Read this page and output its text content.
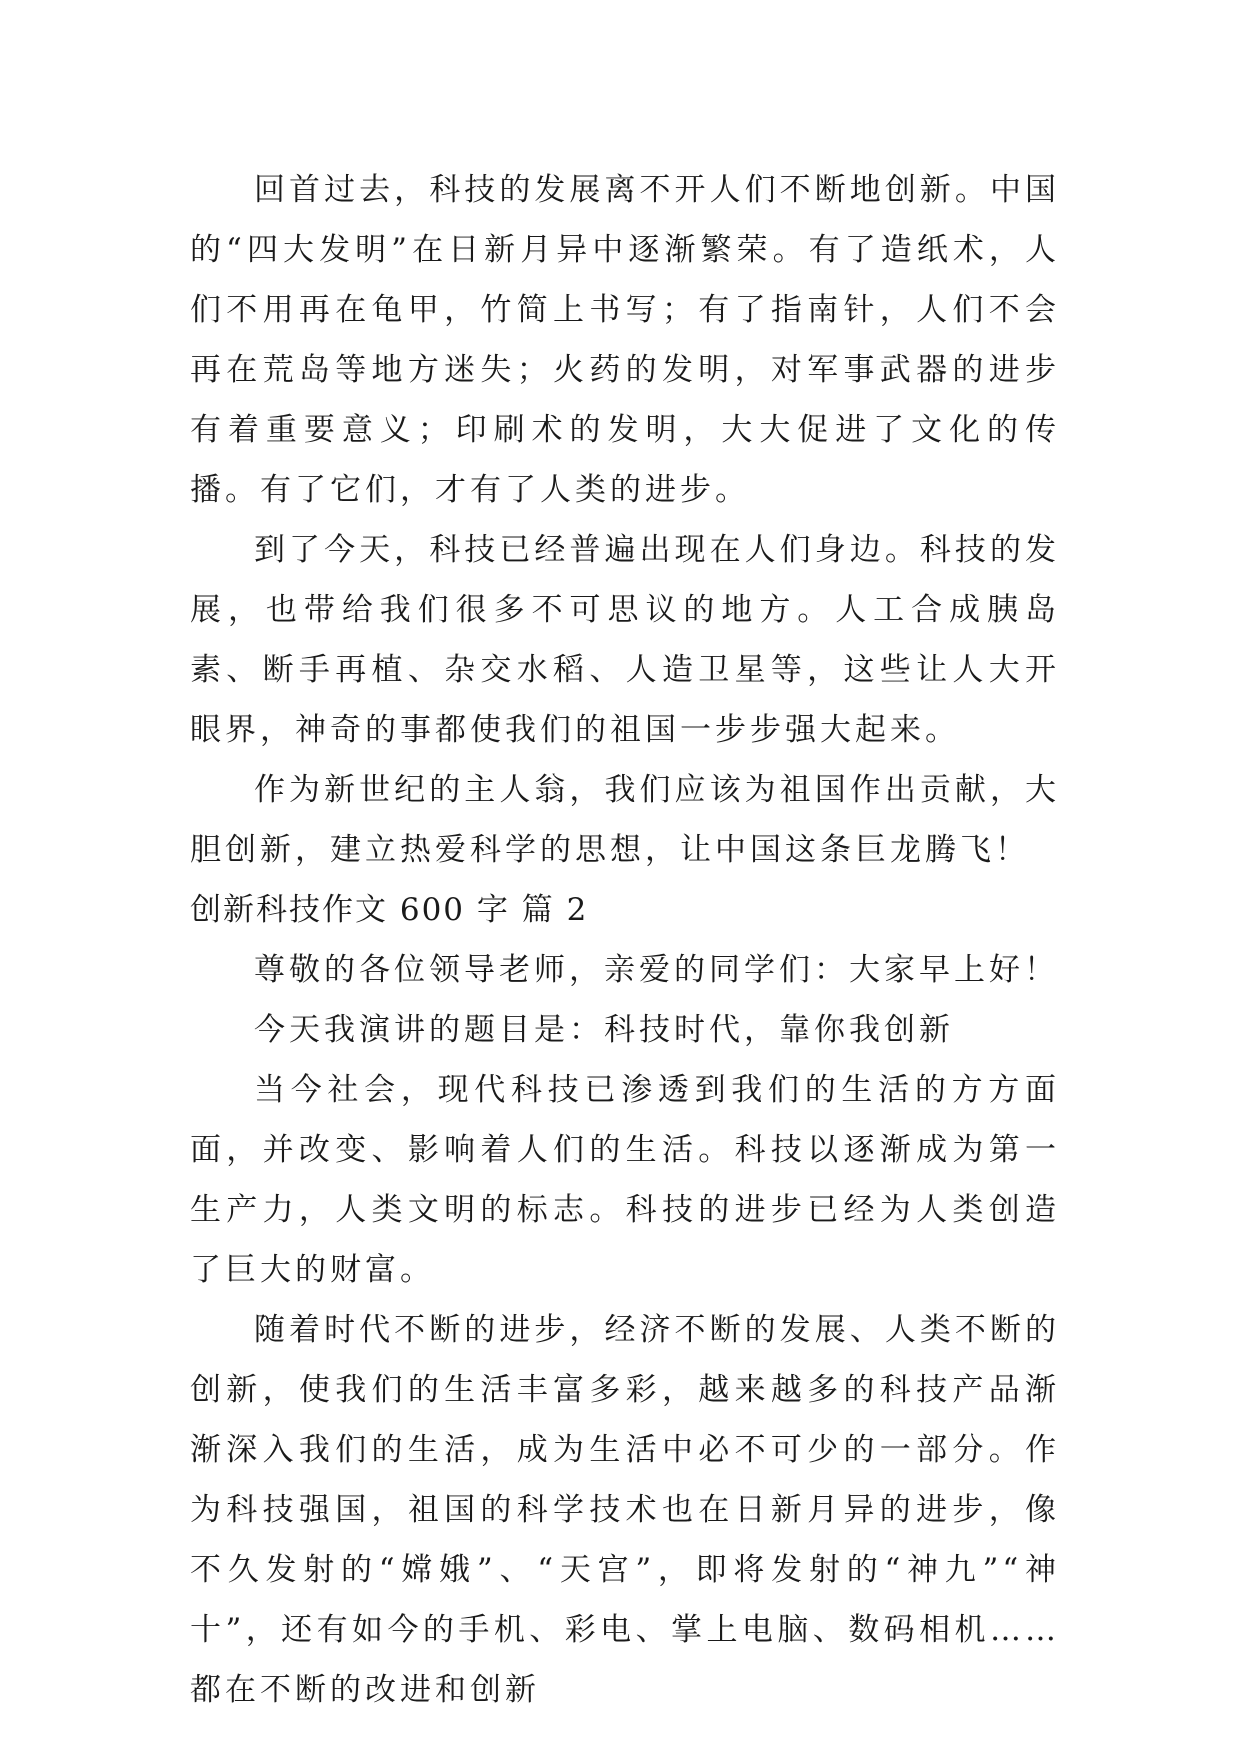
回首过去，科技的发展离不开人们不断地创新。中国的“四大发明”在日新月异中逐渐繁荣。有了造纸术，人们不用再在龟甲，竹简上书写；有了指南针，人们不会再在荒岛等地方迷失；火药的发明，对军事武器的进步有着重要意义；印刷术的发明，大大促进了文化的传播。有了它们，才有了人类的进步。

到了今天，科技已经普遍出现在人们身边。科技的发展，也带给我们很多不可思议的地方。人工合成胰岛素、断手再植、杂交水稻、人造卫星等，这些让人大开眼界，神奇的事都使我们的祖国一步步强大起来。

作为新世纪的主人翁，我们应该为祖国作出贡献，大胆创新，建立热爱科学的思想，让中国这条巨龙腾飞！

创新科技作文 600 字 篇 2

尊敬的各位领导老师，亲爱的同学们：大家早上好！

今天我演讲的题目是：科技时代，靠你我创新

当今社会，现代科技已渗透到我们的生活的方方面面，并改变、影响着人们的生活。科技以逐渐成为第一生产力，人类文明的标志。科技的进步已经为人类创造了巨大的财富。

随着时代不断的进步，经济不断的发展、人类不断的创新，使我们的生活丰富多彩，越来越多的科技产品渐渐深入我们的生活，成为生活中必不可少的一部分。作为科技强国，祖国的科学技术也在日新月异的进步，像不久发射的“嫦娥”、“天宫”，即将发射的“神九”“神十”，还有如今的手机、彩电、掌上电脑、数码相机……都在不断的改进和创新
